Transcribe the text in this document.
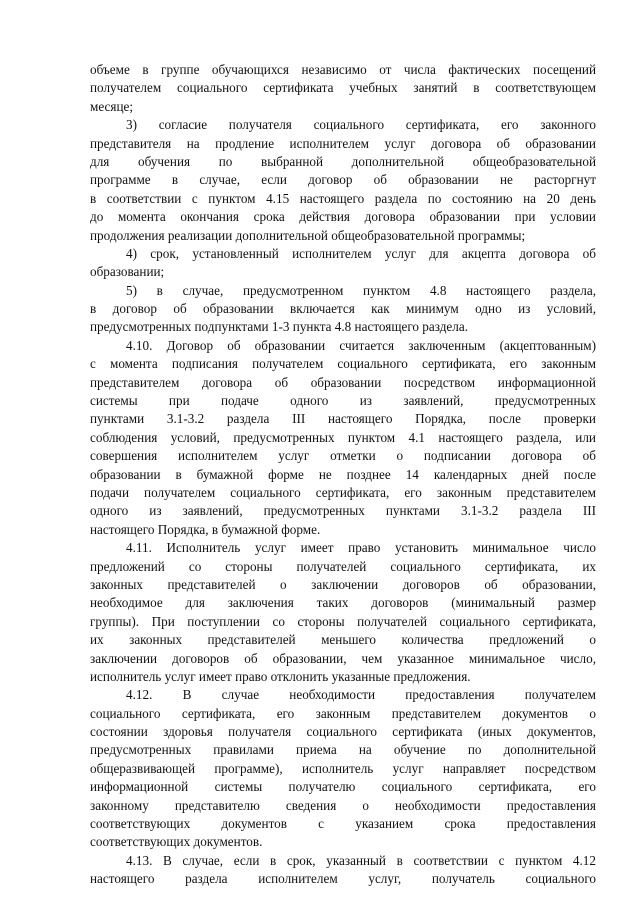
объеме в группе обучающихся независимо от числа фактических посещений
получателем социального сертификата учебных занятий в соответствующем
месяце;
3) согласие получателя социального сертификата, его законного
представителя на продление исполнителем услуг договора об образовании
для обучения по выбранной дополнительной общеобразовательной
программе в случае, если договор об образовании не расторгнут
в соответствии с пунктом 4.15 настоящего раздела по состоянию на 20 день
до момента окончания срока действия договора образовании при условии
продолжения реализации дополнительной общеобразовательной программы;
4) срок, установленный исполнителем услуг для акцепта договора об
образовании;
5) в случае, предусмотренном пунктом 4.8 настоящего раздела,
в договор об образовании включается как минимум одно из условий,
предусмотренных подпунктами 1-3 пункта 4.8 настоящего раздела.
4.10. Договор об образовании считается заключенным (акцептованным)
с момента подписания получателем социального сертификата, его законным
представителем договора об образовании посредством информационной
системы при подаче одного из заявлений, предусмотренных
пунктами 3.1-3.2 раздела III настоящего Порядка, после проверки
соблюдения условий, предусмотренных пунктом 4.1 настоящего раздела, или
совершения исполнителем услуг отметки о подписании договора об
образовании в бумажной форме не позднее 14 календарных дней после
подачи получателем социального сертификата, его законным представителем
одного из заявлений, предусмотренных пунктами 3.1-3.2 раздела III
настоящего Порядка, в бумажной форме.
4.11. Исполнитель услуг имеет право установить минимальное число
предложений со стороны получателей социального сертификата, их
законных представителей о заключении договоров об образовании,
необходимое для заключения таких договоров (минимальный размер
группы). При поступлении со стороны получателей социального сертификата,
их законных представителей меньшего количества предложений о
заключении договоров об образовании, чем указанное минимальное число,
исполнитель услуг имеет право отклонить указанные предложения.
4.12. В случае необходимости предоставления получателем
социального сертификата, его законным представителем документов о
состоянии здоровья получателя социального сертификата (иных документов,
предусмотренных правилами приема на обучение по дополнительной
общеразвивающей программе), исполнитель услуг направляет посредством
информационной системы получателю социального сертификата, его
законному представителю сведения о необходимости предоставления
соответствующих документов с указанием срока предоставления
соответствующих документов.
4.13. В случае, если в срок, указанный в соответствии с пунктом 4.12
настоящего раздела исполнителем услуг, получатель социального
